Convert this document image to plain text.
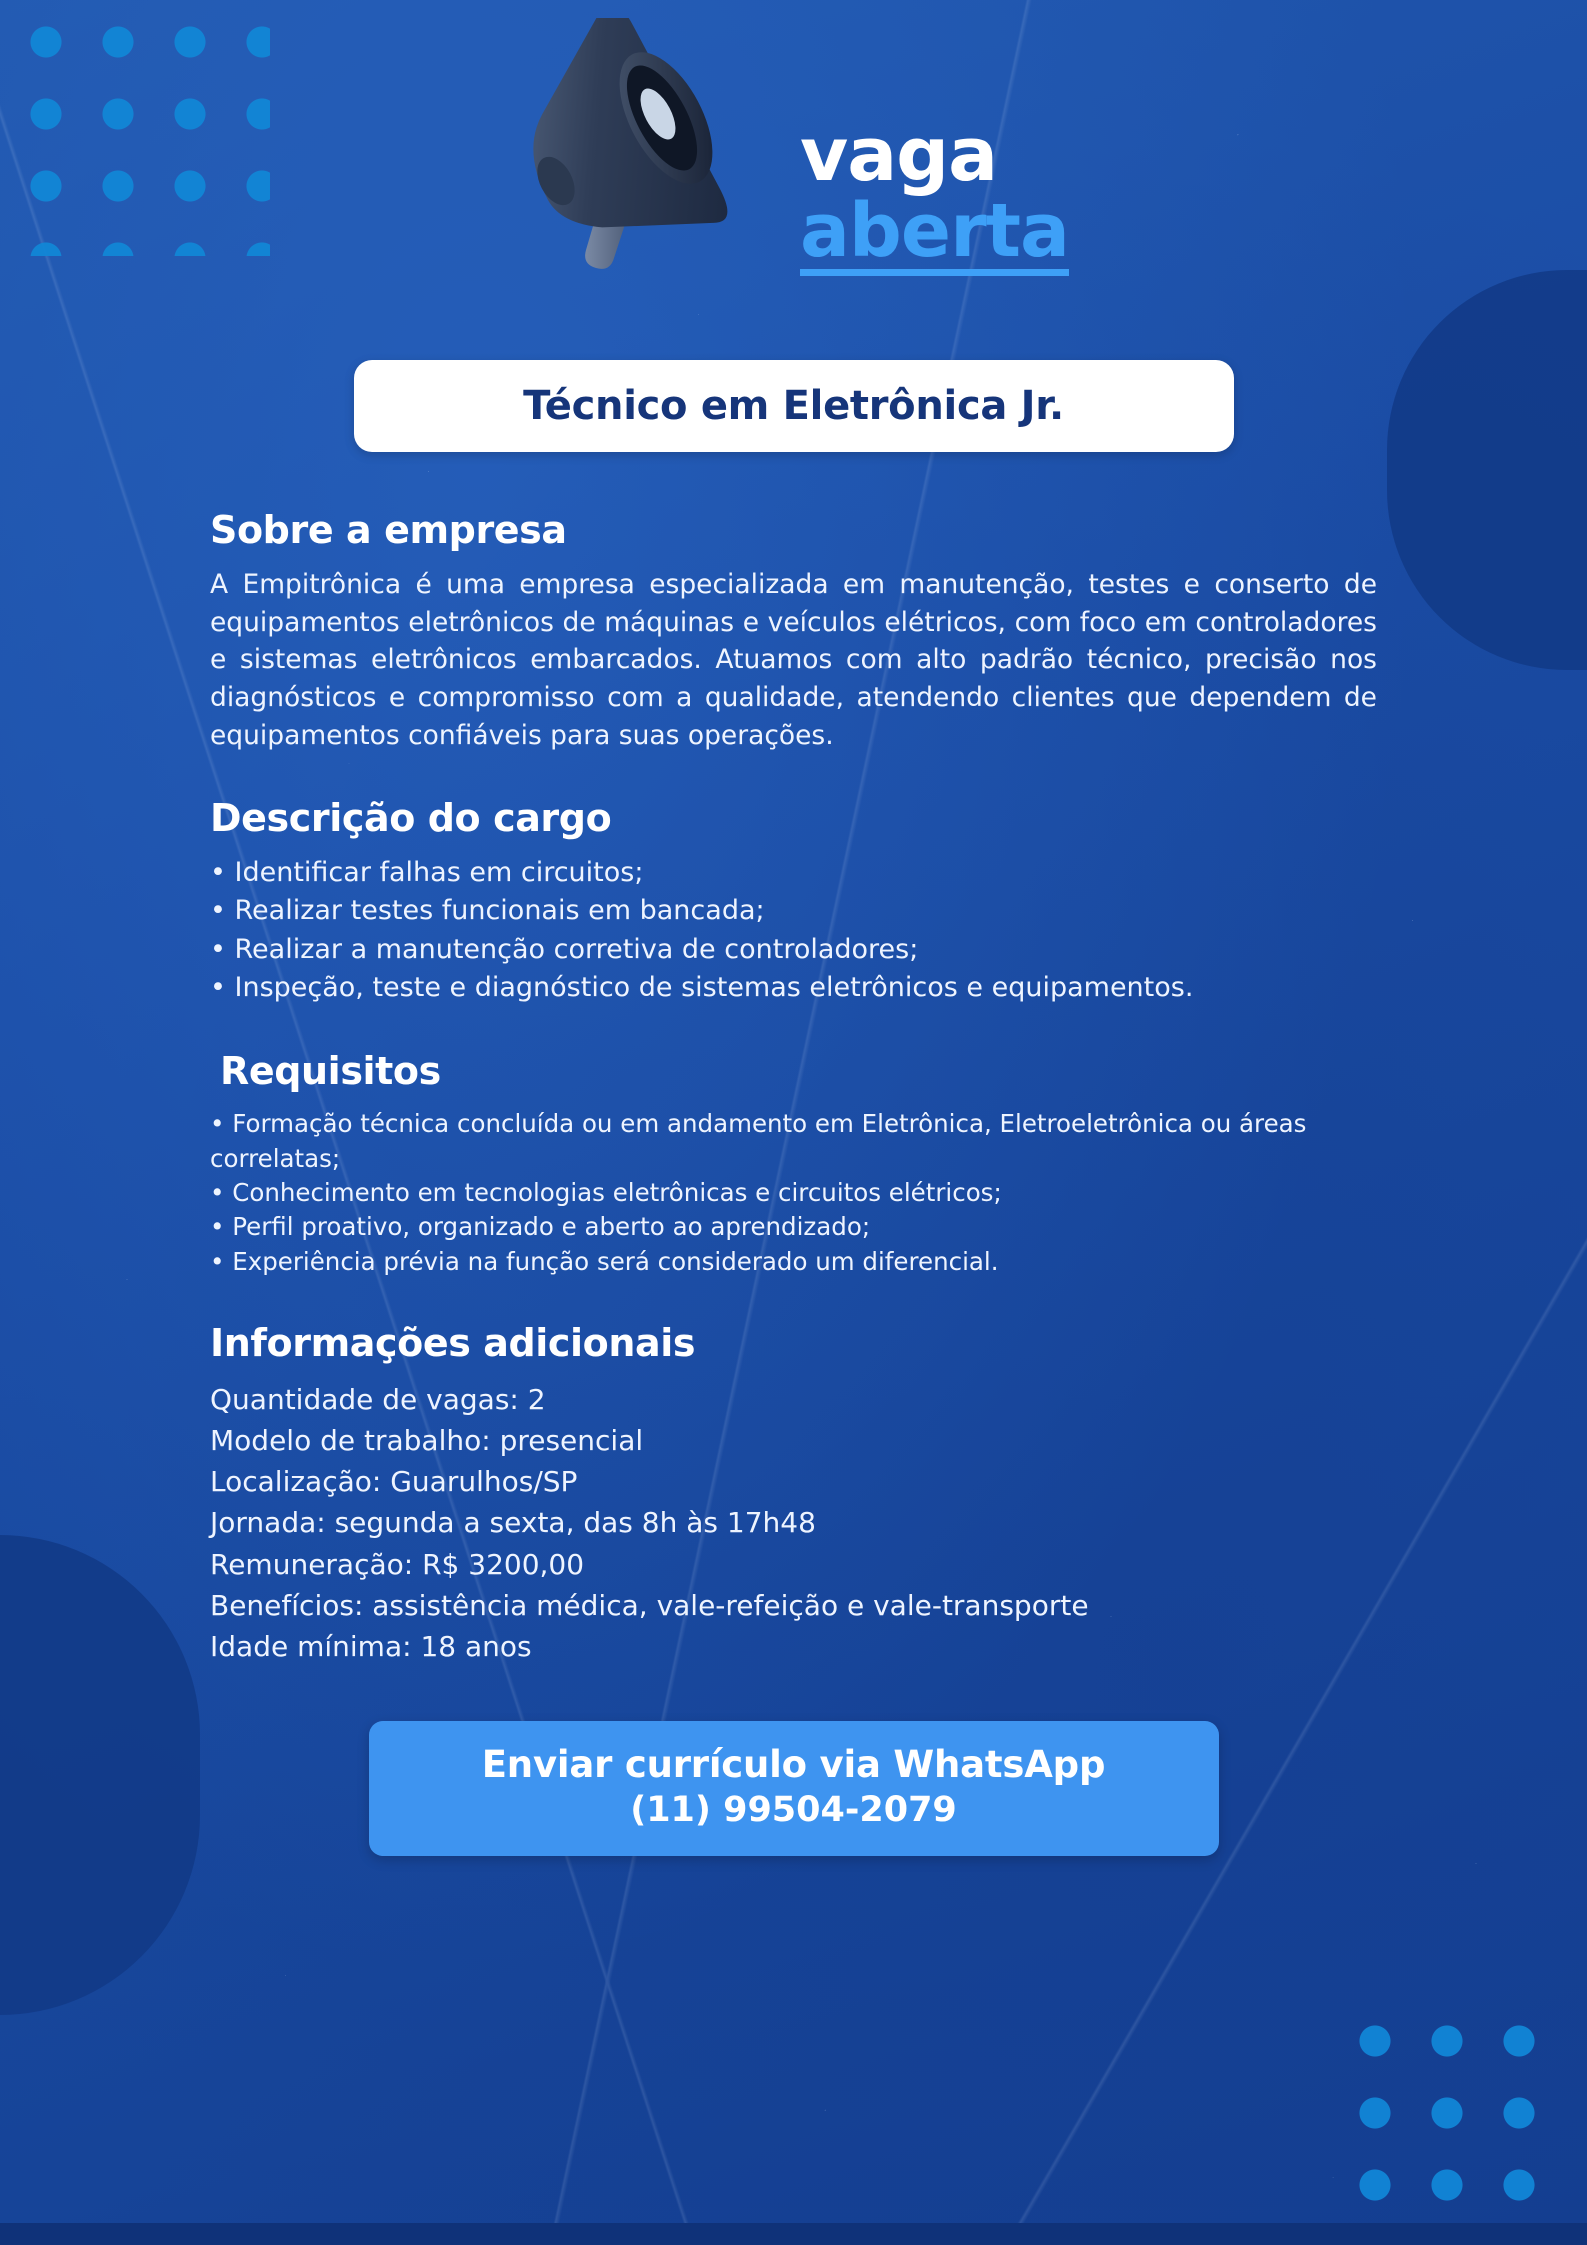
vaga
aberta
Técnico em Eletrônica Jr.
Sobre a empresa

A Empitrônica é uma empresa especializada em manutenção, testes e conserto de equipamentos eletrônicos de máquinas e veículos elétricos, com foco em controladores e sistemas eletrônicos embarcados. Atuamos com alto padrão técnico, precisão nos diagnósticos e compromisso com a qualidade, atendendo clientes que dependem de equipamentos confiáveis para suas operações.

Descrição do cargo
• Identificar falhas em circuitos;
• Realizar testes funcionais em bancada;
• Realizar a manutenção corretiva de controladores;
• Inspeção, teste e diagnóstico de sistemas eletrônicos e equipamentos.
Requisitos
• Formação técnica concluída ou em andamento em Eletrônica, Eletroeletrônica ou áreas correlatas;
• Conhecimento em tecnologias eletrônicas e circuitos elétricos;
• Perfil proativo, organizado e aberto ao aprendizado;
• Experiência prévia na função será considerado um diferencial.
Informações adicionais
Quantidade de vagas: 2
Modelo de trabalho: presencial
Localização: Guarulhos/SP
Jornada: segunda a sexta, das 8h às 17h48
Remuneração: R$ 3200,00
Benefícios: assistência médica, vale-refeição e vale-transporte
Idade mínima: 18 anos
Enviar currículo via WhatsApp
(11) 99504-2079
